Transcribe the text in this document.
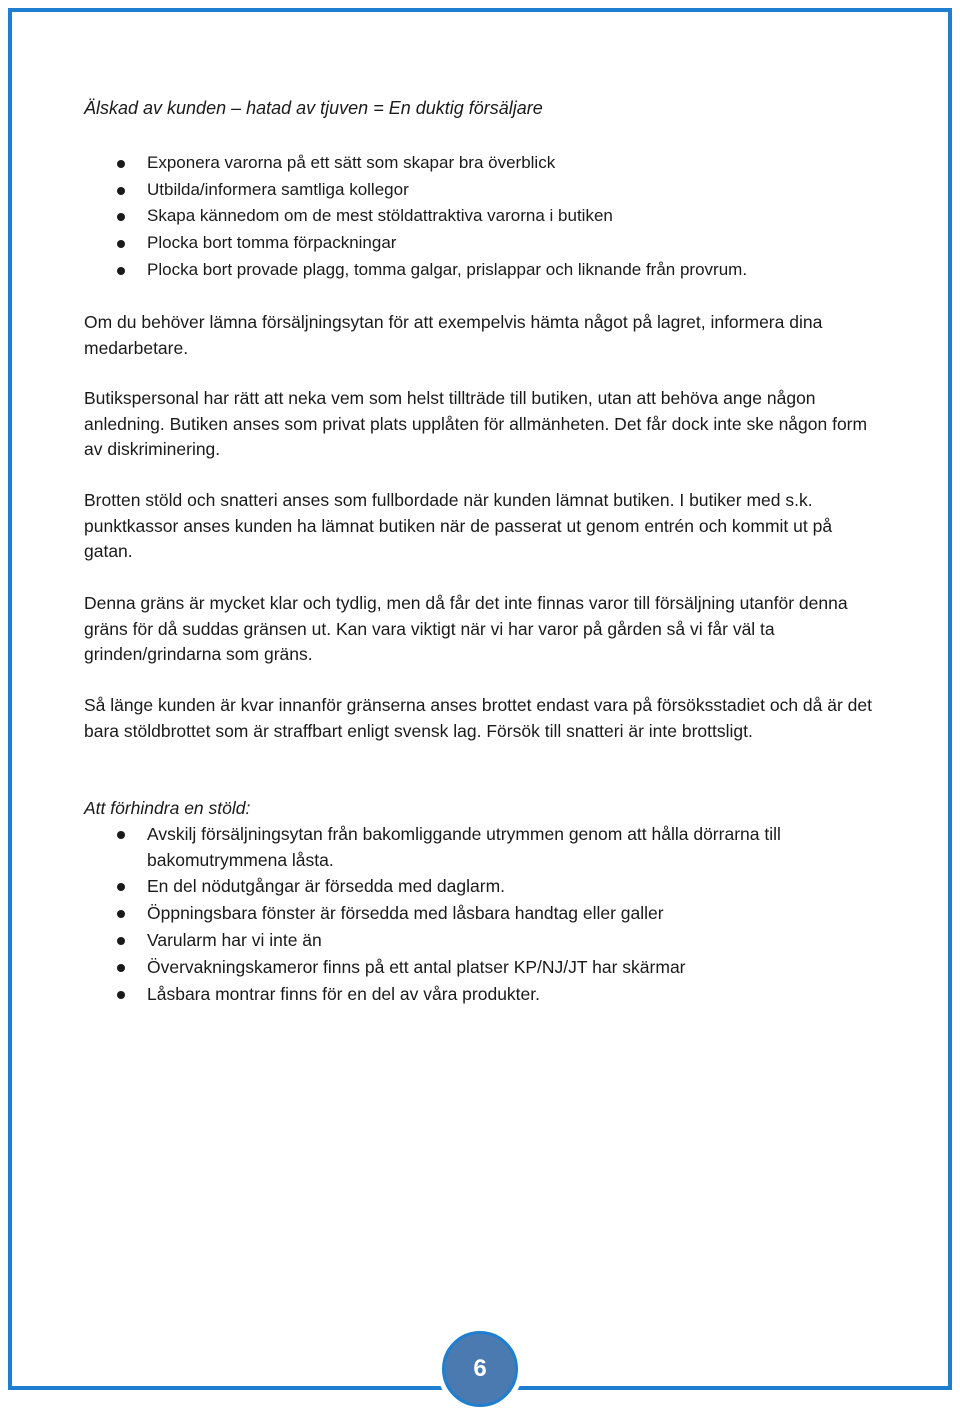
Älskad av kunden – hatad av tjuven = En duktig försäljare
Exponera varorna på ett sätt som skapar bra överblick
Utbilda/informera samtliga kollegor
Skapa kännedom om de mest stöldattraktiva varorna i butiken
Plocka bort tomma förpackningar
Plocka bort provade plagg, tomma galgar, prislappar och liknande från provrum.

Om du behöver lämna försäljningsytan för att exempelvis hämta något på lagret, informera dina medarbetare.

Butikspersonal har rätt att neka vem som helst tillträde till butiken, utan att behöva ange någon anledning. Butiken anses som privat plats upplåten för allmänheten. Det får dock inte ske någon form av diskriminering.

Brotten stöld och snatteri anses som fullbordade när kunden lämnat butiken. I butiker med s.k. punktkassor anses kunden ha lämnat butiken när de passerat ut genom entrén och kommit ut på gatan.

Denna gräns är mycket klar och tydlig, men då får det inte finnas varor till försäljning utanför denna gräns för då suddas gränsen ut. Kan vara viktigt när vi har varor på gården så vi får väl ta grinden/grindarna som gräns.

Så länge kunden är kvar innanför gränserna anses brottet endast vara på försöksstadiet och då är det bara stöldbrottet som är straffbart enligt svensk lag. Försök till snatteri är inte brottsligt.

Att förhindra en stöld:
Avskilj försäljningsytan från bakomliggande utrymmen genom att hålla dörrarna till bakomutrymmena låsta.
En del nödutgångar är försedda med daglarm.
Öppningsbara fönster är försedda med låsbara handtag eller galler
Varularm har vi inte än
Övervakningskameror finns på ett antal platser KP/NJ/JT har skärmar
Låsbara montrar finns för en del av våra produkter.
6
